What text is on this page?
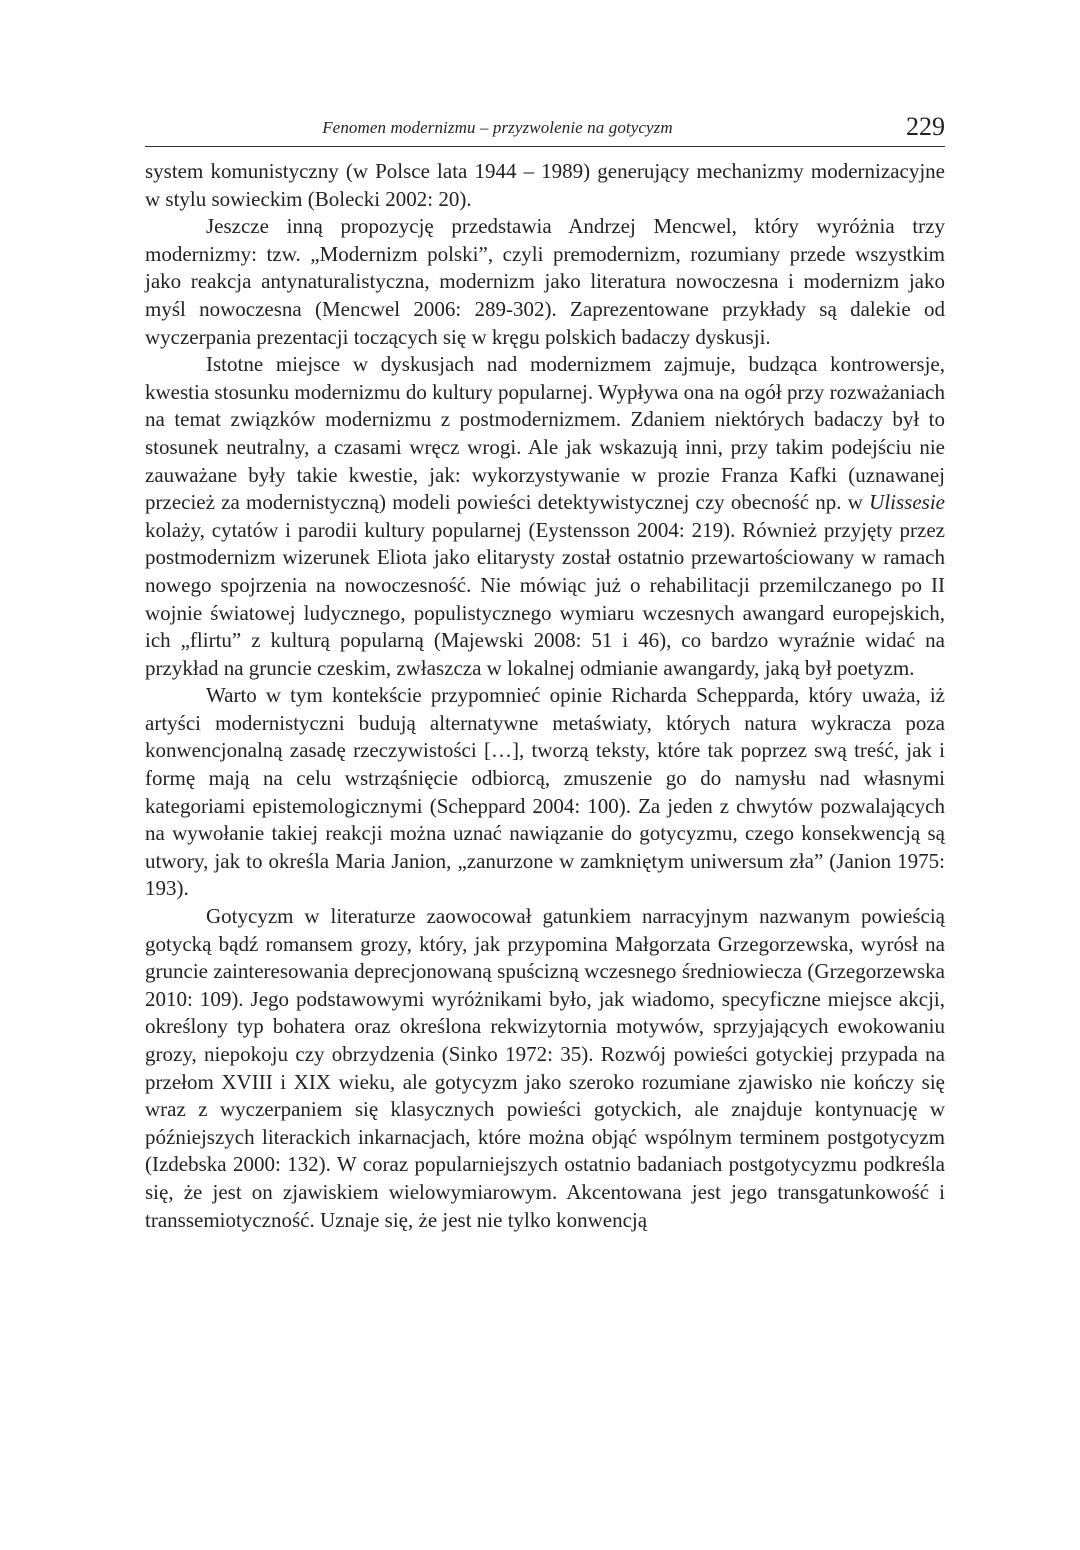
Fenomen modernizmu – przyzwolenie na gotycyzm	229

system komunistyczny (w Polsce lata 1944 – 1989) generujący mechanizmy modernizacyjne w stylu sowieckim (Bolecki 2002: 20).

Jeszcze inną propozycję przedstawia Andrzej Mencwel, który wyróżnia trzy modernizmy: tzw. „Modernizm polski”, czyli premodernizm, rozumiany przede wszystkim jako reakcja antynaturalistyczna, modernizm jako literatura nowoczesna i modernizm jako myśl nowoczesna (Mencwel 2006: 289-302). Zaprezentowane przykłady są dalekie od wyczerpania prezentacji toczących się w kręgu polskich badaczy dyskusji.

Istotne miejsce w dyskusjach nad modernizmem zajmuje, budząca kontrowersje, kwestia stosunku modernizmu do kultury popularnej. Wypływa ona na ogół przy rozważaniach na temat związków modernizmu z postmodernizmem. Zdaniem niektórych badaczy był to stosunek neutralny, a czasami wręcz wrogi. Ale jak wskazują inni, przy takim podejściu nie zauważane były takie kwestie, jak: wykorzystywanie w prozie Franza Kafki (uznawanej przecież za modernistyczną) modeli powieści detektywistycznej czy obecność np. w Ulissesie kolaży, cytatów i parodii kultury popularnej (Eystensson 2004: 219). Również przyjęty przez postmodernizm wizerunek Eliota jako elitarysty został ostatnio przewartościowany w ramach nowego spojrzenia na nowoczesność. Nie mówiąc już o rehabilitacji przemilczanego po II wojnie światowej ludycznego, populistycznego wymiaru wczesnych awangard europejskich, ich „flirtu” z kulturą popularną (Majewski 2008: 51 i 46), co bardzo wyraźnie widać na przykład na gruncie czeskim, zwłaszcza w lokalnej odmianie awangardy, jaką był poetyzm.

Warto w tym kontekście przypomnieć opinie Richarda Schepparda, który uważa, iż artyści modernistyczni budują alternatywne metaświaty, których natura wykracza poza konwencjonalną zasadę rzeczywistości […], tworzą teksty, które tak poprzez swą treść, jak i formę mają na celu wstrząśnięcie odbiorcą, zmuszenie go do namysłu nad własnymi kategoriami epistemologicznymi (Scheppard 2004: 100). Za jeden z chwytów pozwalających na wywołanie takiej reakcji można uznać nawiązanie do gotycyzmu, czego konsekwencją są utwory, jak to określa Maria Janion, „zanurzone w zamkniętym uniwersum zła” (Janion 1975: 193).

Gotycyzm w literaturze zaowocował gatunkiem narracyjnym nazwanym powieścią gotycką bądź romansem grozy, który, jak przypomina Małgorzata Grzegorzewska, wyrósł na gruncie zainteresowania deprecjonowaną spuścizną wczesnego średniowiecza (Grzegorzewska 2010: 109). Jego podstawowymi wyróżnikami było, jak wiadomo, specyficzne miejsce akcji, określony typ bohatera oraz określona rekwizytornia motywów, sprzyjających ewokowaniu grozy, niepokoju czy obrzydzenia (Sinko 1972: 35). Rozwój powieści gotyckiej przypada na przełom XVIII i XIX wieku, ale gotycyzm jako szeroko rozumiane zjawisko nie kończy się wraz z wyczerpaniem się klasycznych powieści gotyckich, ale znajduje kontynuację w późniejszych literackich inkarnacjach, które można objąć wspólnym terminem postgotycyzm (Izdebska 2000: 132). W coraz popularniejszych ostatnio badaniach postgotycyzmu podkreśla się, że jest on zjawiskiem wielowymiarowym. Akcentowana jest jego transgatunkowość i transsemiotyczność. Uznaje się, że jest nie tylko konwencją
